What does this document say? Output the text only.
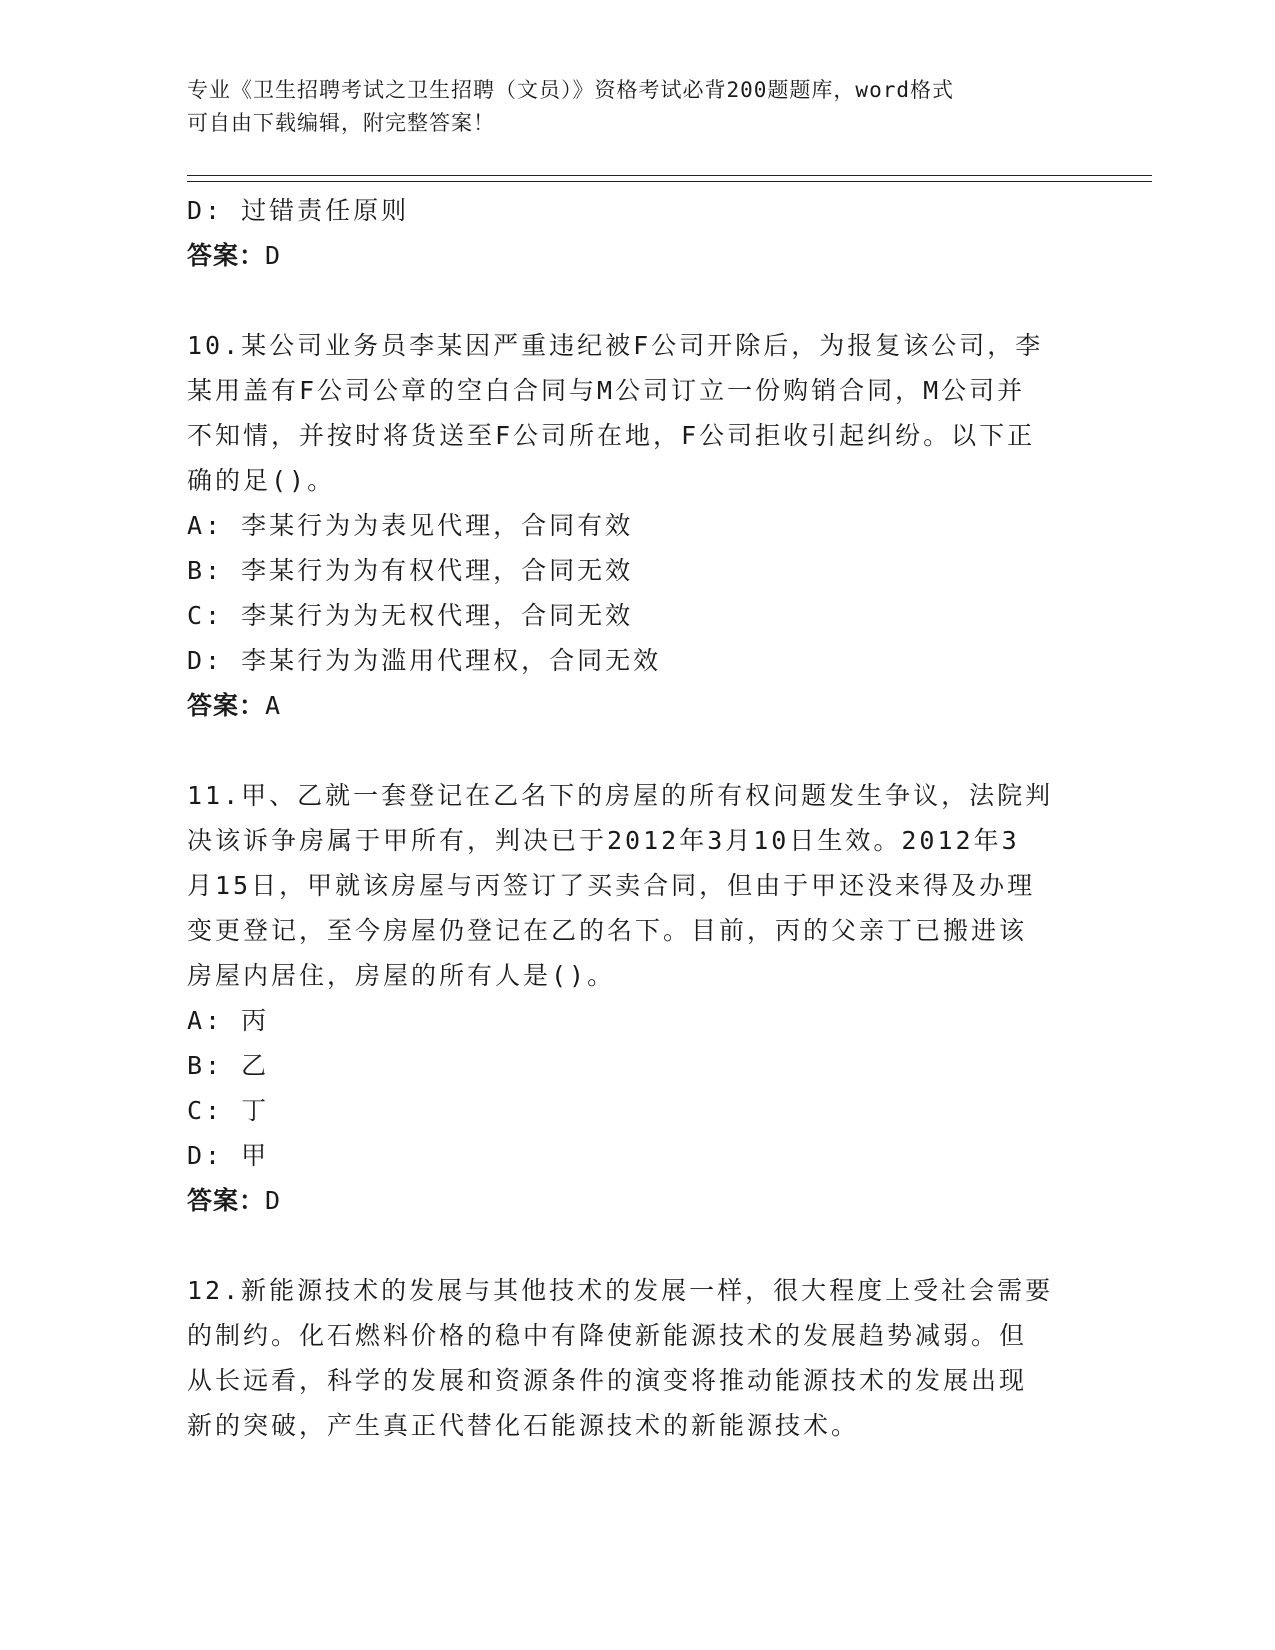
专业《卫生招聘考试之卫生招聘（文员）》资格考试必背200题题库，word格式
可自由下载编辑，附完整答案！
D: 过错责任原则
答案：D
10.某公司业务员李某因严重违纪被F公司开除后，为报复该公司，李
某用盖有F公司公章的空白合同与M公司订立一份购销合同，M公司并
不知情，并按时将货送至F公司所在地，F公司拒收引起纠纷。以下正
确的足()。
A: 李某行为为表见代理，合同有效
B: 李某行为为有权代理，合同无效
C: 李某行为为无权代理，合同无效
D: 李某行为为滥用代理权，合同无效
答案：A
11.甲、乙就一套登记在乙名下的房屋的所有权问题发生争议，法院判
决该诉争房属于甲所有，判决已于2012年3月10日生效。2012年3
月15日，甲就该房屋与丙签订了买卖合同，但由于甲还没来得及办理
变更登记，至今房屋仍登记在乙的名下。目前，丙的父亲丁已搬进该
房屋内居住，房屋的所有人是()。
A: 丙
B: 乙
C: 丁
D: 甲
答案：D
12.新能源技术的发展与其他技术的发展一样，很大程度上受社会需要
的制约。化石燃料价格的稳中有降使新能源技术的发展趋势减弱。但
从长远看，科学的发展和资源条件的演变将推动能源技术的发展出现
新的突破，产生真正代替化石能源技术的新能源技术。
